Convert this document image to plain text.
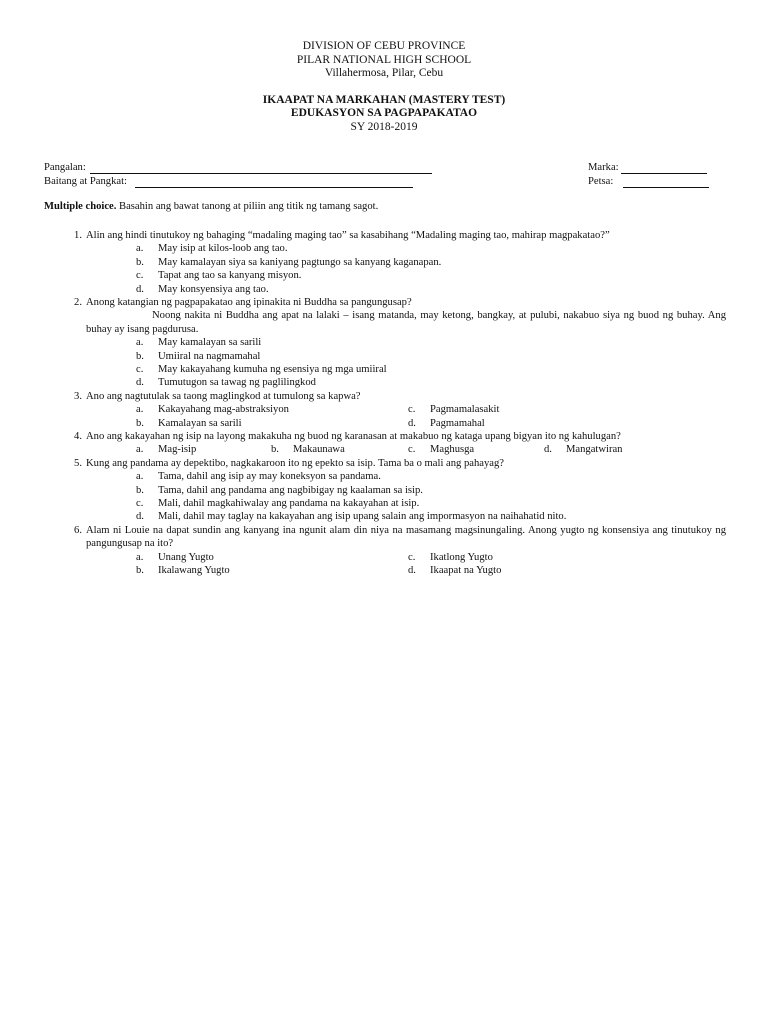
DIVISION OF CEBU PROVINCE
PILAR NATIONAL HIGH SCHOOL
Villahermosa, Pilar, Cebu
IKAAPAT NA MARKAHAN (MASTERY TEST)
EDUKASYON SA PAGPAPAKATAO
SY 2018-2019
Pangalan:	Marka:
Baitang at Pangkat:	Petsa:
Multiple choice. Basahin ang bawat tanong at piliin ang titik ng tamang sagot.
1. Alin ang hindi tinutukoy ng bahaging “madaling maging tao” sa kasabihang “Madaling maging tao, mahirap magpakatao?”
a. May isip at kilos-loob ang tao.
b. May kamalayan siya sa kaniyang pagtungo sa kanyang kaganapan.
c. Tapat ang tao sa kanyang misyon.
d. May konsyensiya ang tao.
2. Anong katangian ng pagpapakatao ang ipinakita ni Buddha sa pangungusap?
Noong nakita ni Buddha ang apat na lalaki – isang matanda, may ketong, bangkay, at pulubi, nakabuo siya ng buod ng buhay. Ang buhay ay isang pagdurusa.
a. May kamalayan sa sarili
b. Umiiral na nagmamahal
c. May kakayahang kumuha ng esensiya ng mga umiiral
d. Tumutugon sa tawag ng paglilingkod
3. Ano ang nagtutulak sa taong maglingkod at tumulong sa kapwa?
a. Kakayahang mag-abstraksiyon	c. Pagmamalasakit
b. Kamalayan sa sarili	d. Pagmamahal
4. Ano ang kakayahan ng isip na layong makakuha ng buod ng karanasan at makabuo ng kataga upang bigyan ito ng kahulugan?
a. Mag-isip	b. Makaunawa	c. Maghusga	d. Mangatwiran
5. Kung ang pandama ay depektibo, nagkakaroon ito ng epekto sa isip. Tama ba o mali ang pahayag?
a. Tama, dahil ang isip ay may koneksyon sa pandama.
b. Tama, dahil ang pandama ang nagbibigay ng kaalaman sa isip.
c. Mali, dahil magkahiwalay ang pandama na kakayahan at isip.
d. Mali, dahil may taglay na kakayahan ang isip upang salain ang impormasyon na naihahatid nito.
6. Alam ni Louie na dapat sundin ang kanyang ina ngunit alam din niya na masamang magsinungaling. Anong yugto ng konsensiya ang tinutukoy ng pangungusap na ito?
a. Unang Yugto	c. Ikatlong Yugto
b. Ikalawang Yugto	d. Ikaapat na Yugto
